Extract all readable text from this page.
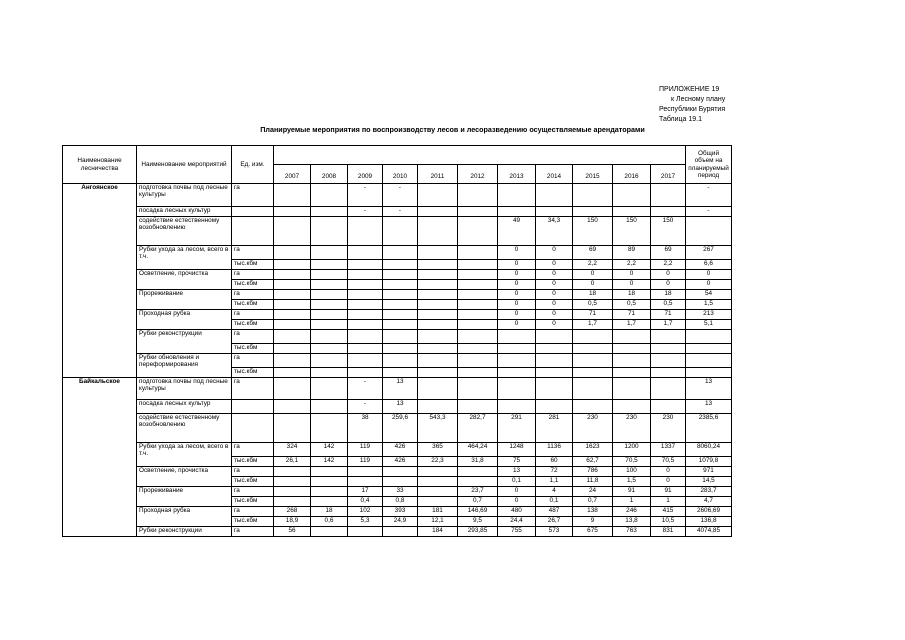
ПРИЛОЖЕНИЕ 19
к Лесному плану
Республики Бурятия
Таблица 19.1
Планируемые мероприятия по воспроизводству лесов и лесоразведению осуществляемые арендаторами
Наименование лесничества	Наименование мероприятий	Ед. изм.												Общий объем на планируемый период
			2007	2008	2009	2010	2011	2012	2013	2014	2015	2016	2017	
Ангоянское	подготовка почвы под лесные культуры	га			-	-								-
	посадка лесных культур				-	-								-
	содействие естественному возобновлению								49	34,3	150	150	150	
	Рубки ухода за лесом, всего в т.ч.	га							0	0	69	89	69	267
		тыс.кбм							0	0	2,2	2,2	2,2	6,6
	Осветление, прочистка	га							0	0	0	0	0	0
		тыс.кбм							0	0	0	0	0	0
	Прореживание	га							0	0	18	18	18	54
		тыс.кбм							0	0	0,5	0,5	0,5	1,5
	Проходная рубка	га							0	0	71	71	71	213
		тыс.кбм							0	0	1,7	1,7	1,7	5,1
	Рубки реконструкции	га												
		тыс.кбм												
	Рубки обновления и переформирования	га												
		тыс.кбм												
Байкальское	подготовка почвы под лесные культуры	га			-	13								13
	посадка лесных культур				-	13								13
	содействие естественному возобновлению				38	259,6	543,3	282,7	291	281	230	230	230	2385,6
	Рубки ухода за лесом, всего в т.ч.	га	324	142	119	426	365	464,24	1248	1136	1623	1200	1337	8060,24
		тыс.кбм	26,1	142	119	426	22,3	31,8	75	60	62,7	70,5	70,5	1079,8
	Осветление, прочистка	га							13	72	786	100	0	971
		тыс.кбм							0,1	1,1	11,8	1,5	0	14,5
	Прореживание	га			17	33		23,7	0	4	24	91	91	283,7
		тыс.кбм			0,4	0,8		0,7	0	0,1	0,7	1	1	4,7
	Проходная рубка	га	268	18	102	393	181	146,69	480	487	138	246	415	2606,69
		тыс.кбм	18,9	0,6	5,3	24,9	12,1	9,5	24,4	26,7	9	13,8	10,5	136,8
	Рубки реконструкции	га	56				184	293,85	755	573	675	763	831	4074,85
